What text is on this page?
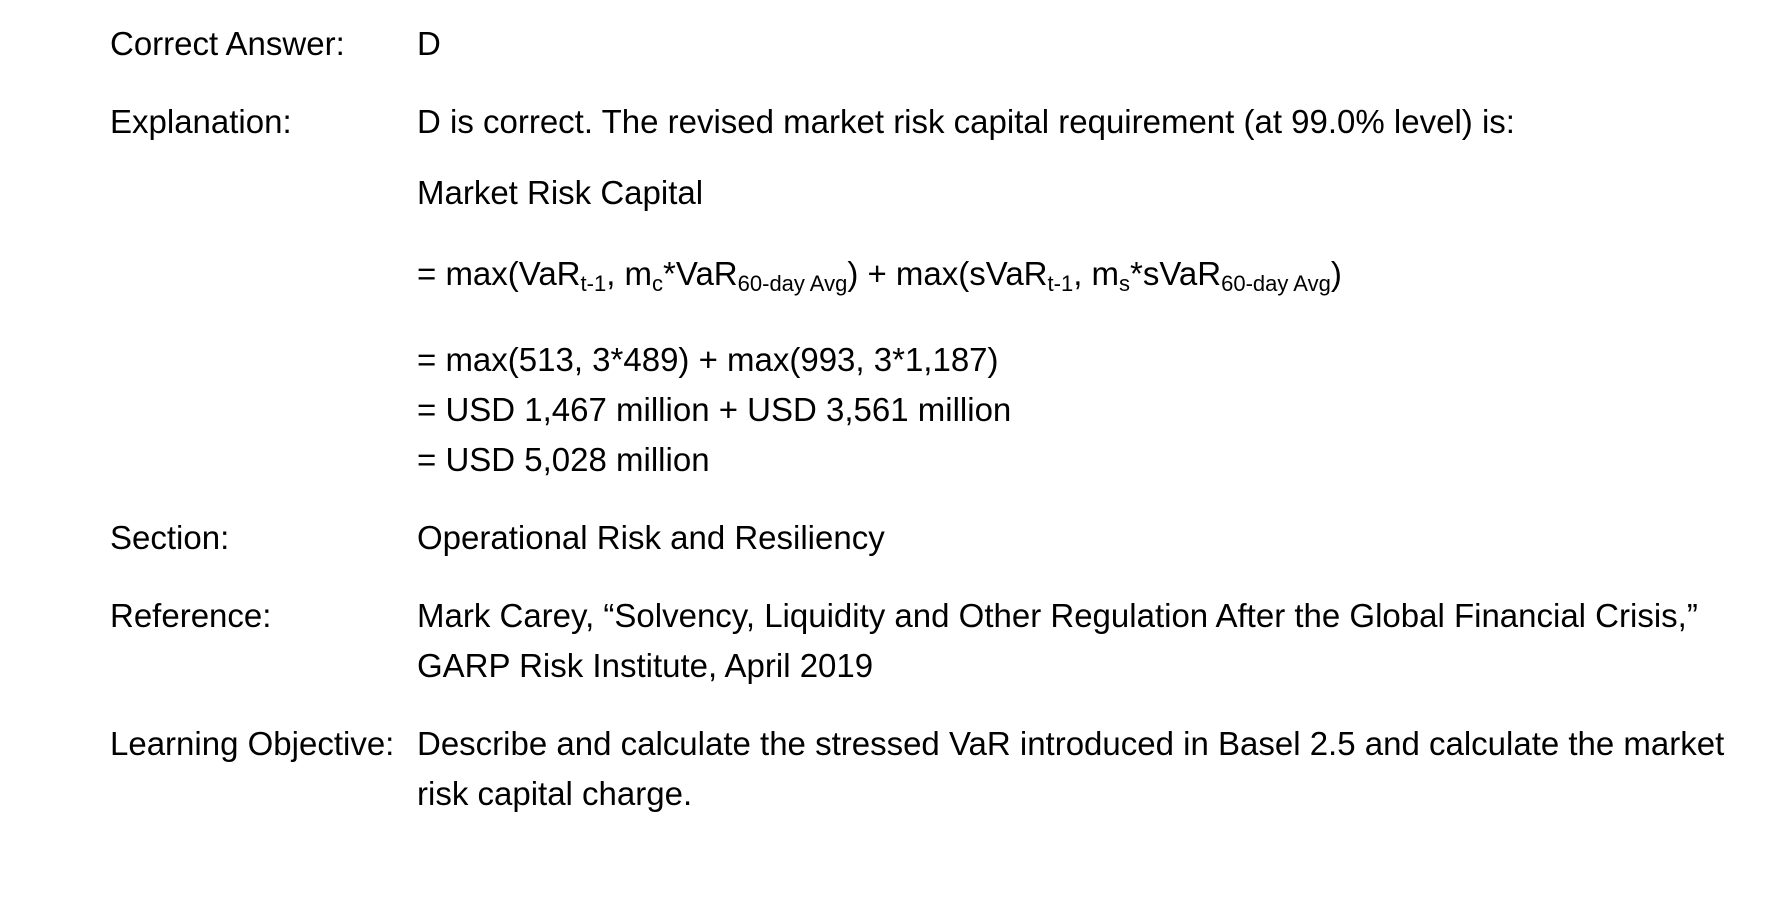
Correct Answer: D
Explanation:	D is correct. The revised market risk capital requirement (at 99.0% level) is:
Market Risk Capital
= max(VaR$_{t-1}$, $m_c*VaR_{60-day Avg}$) + max(sVaR$_{t-1}$, $m_s*sVaR_{60-day Avg}$)
= max(513, 3*489) + max(993, 3*1,187)
= USD 1,467 million + USD 3,561 million
= USD 5,028 million
Section:	Operational Risk and Resiliency
Reference:	Mark Carey, “Solvency, Liquidity and Other Regulation After the Global Financial Crisis,”
GARP Risk Institute, April 2019
Learning Objective: Describe and calculate the stressed VaR introduced in Basel 2.5 and calculate the market
risk capital charge.
